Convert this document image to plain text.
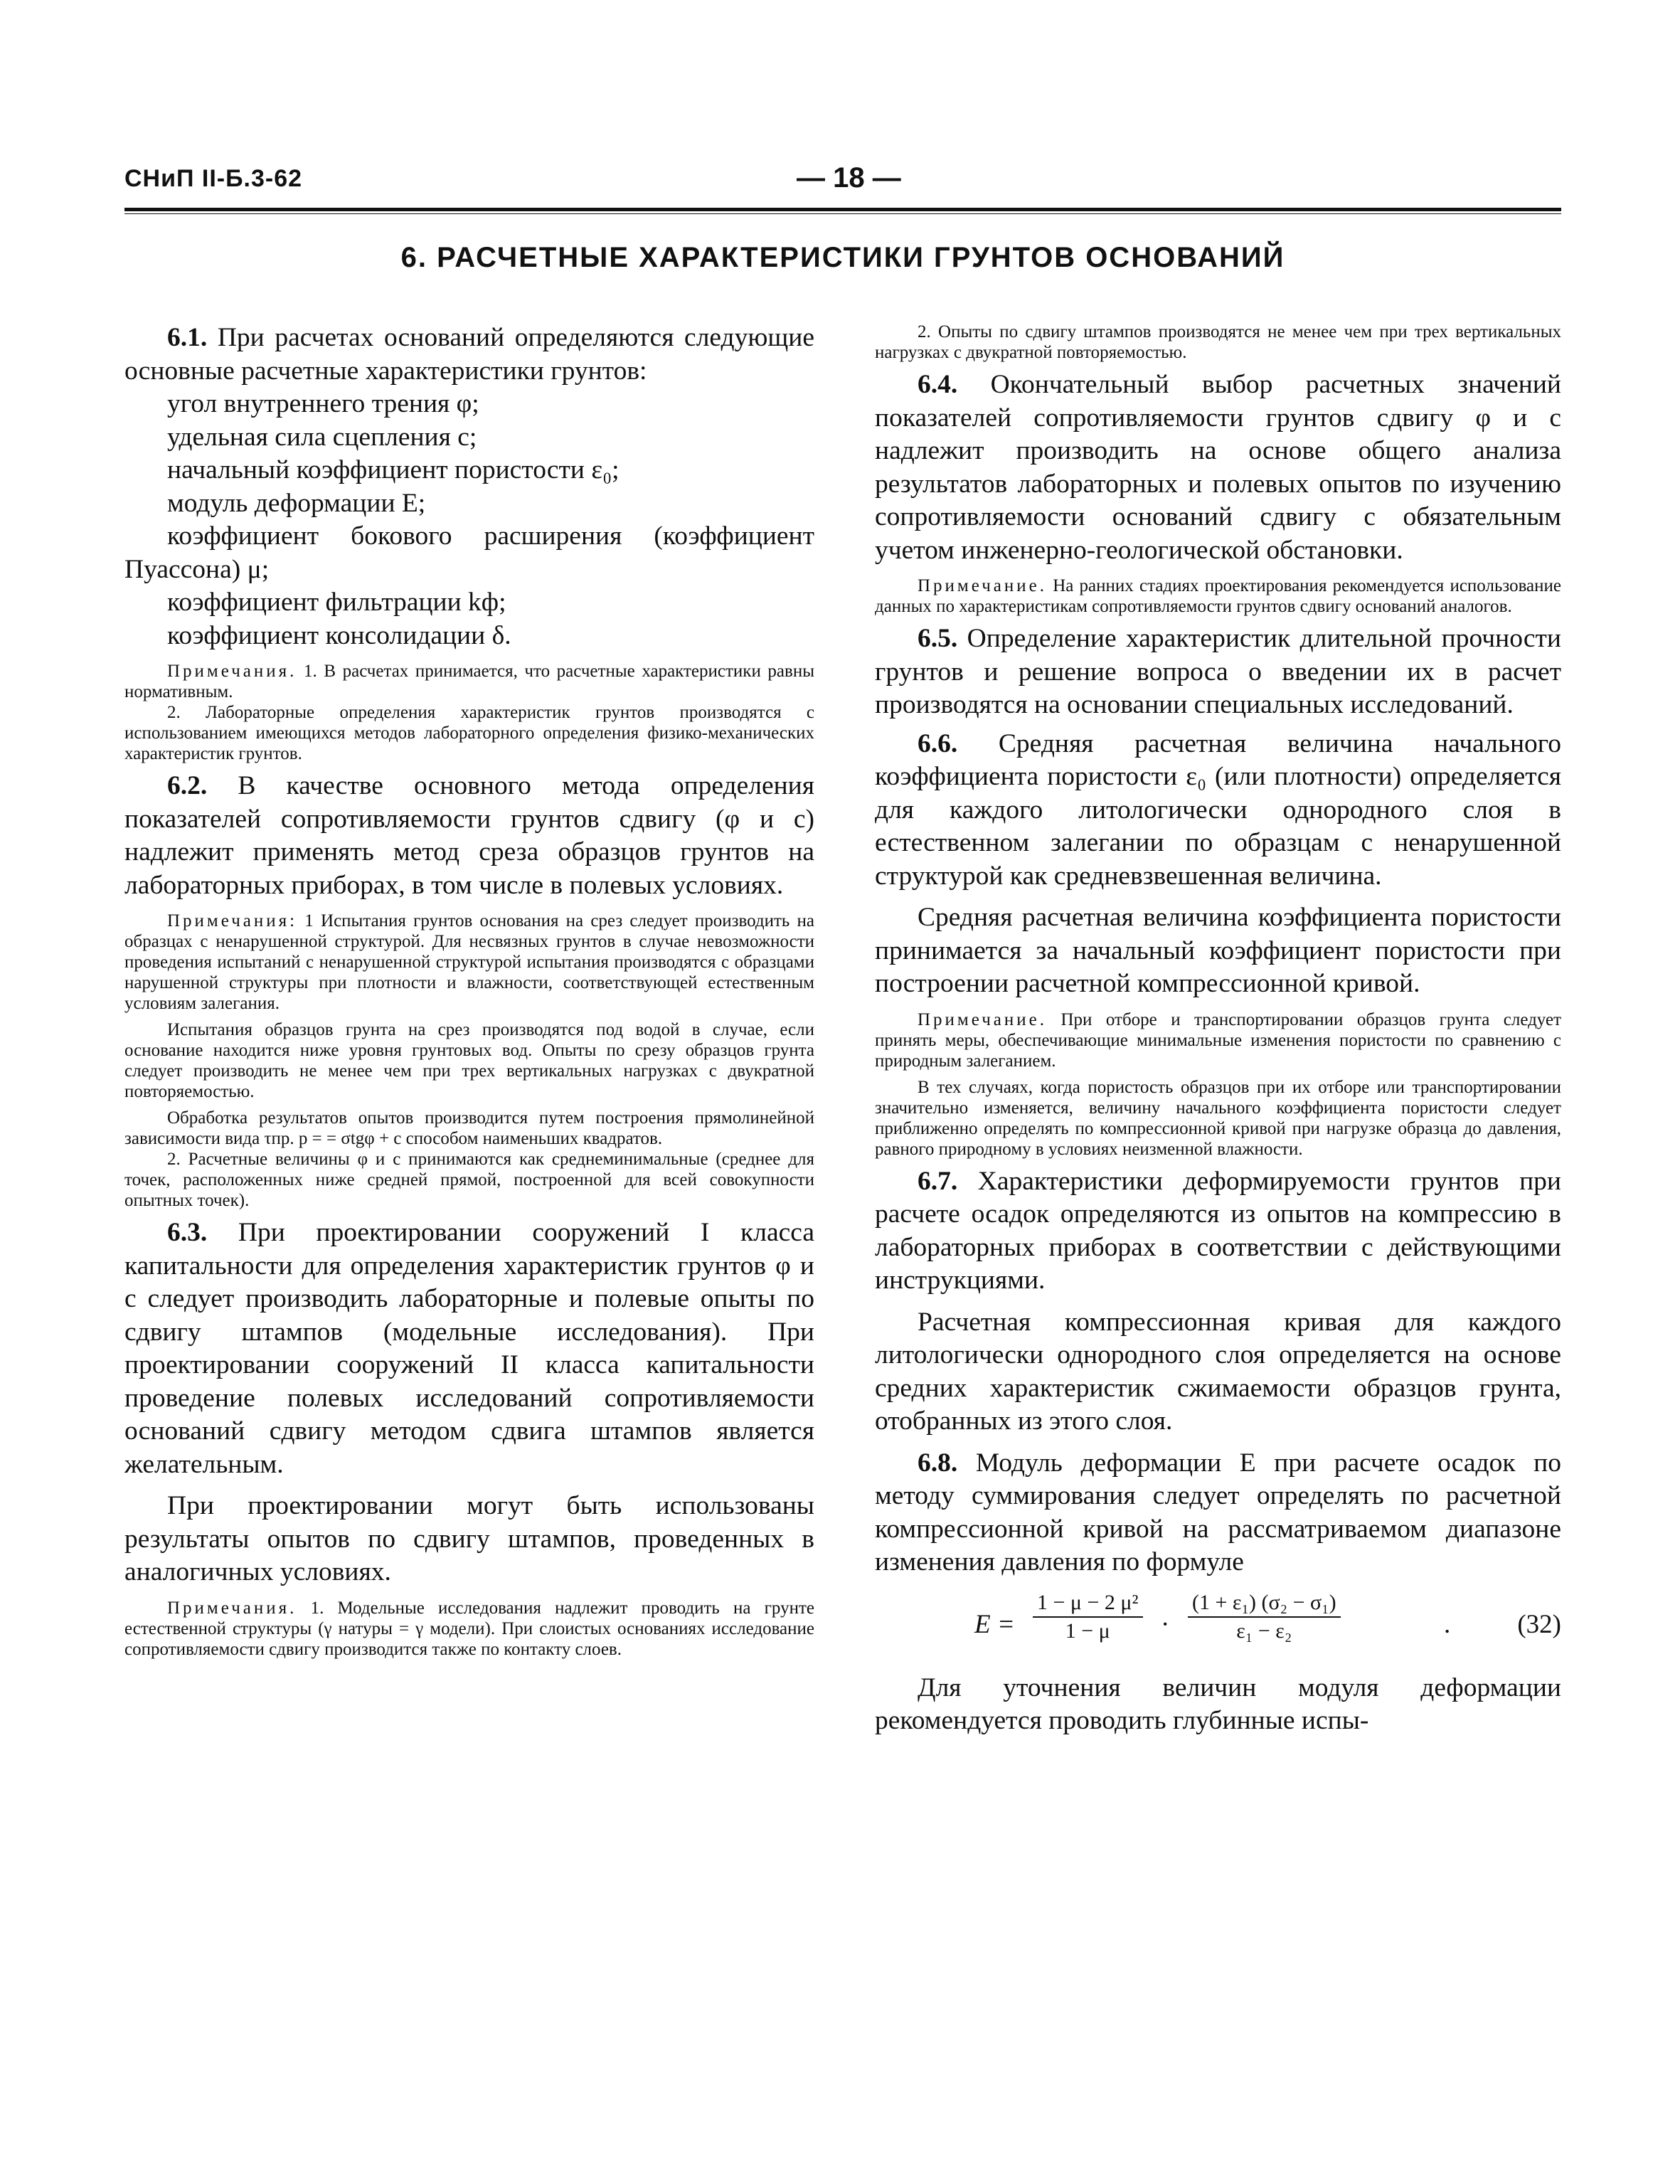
СНиП II-Б.3-62	— 18 —
6. РАСЧЕТНЫЕ ХАРАКТЕРИСТИКИ ГРУНТОВ ОСНОВАНИЙ

6.1. При расчетах оснований определяются следующие основные расчетные характеристики грунтов:

угол внутреннего трения φ;

удельная сила сцепления c;

начальный коэффициент пористости ε₀;

модуль деформации E;

коэффициент бокового расширения (коэффициент Пуассона) μ;

коэффициент фильтрации kф;

коэффициент консолидации δ.

Примечания. 1. В расчетах принимается, что расчетные характеристики равны нормативным.

2. Лабораторные определения характеристик грунтов производятся с использованием имеющихся методов лабораторного определения физико-механических характеристик грунтов.

6.2. В качестве основного метода определения показателей сопротивляемости грунтов сдвигу (φ и c) надлежит применять метод среза образцов грунтов на лабораторных приборах, в том числе в полевых условиях.

Примечания: 1 Испытания грунтов основания на срез следует производить на образцах с ненарушенной структурой. Для несвязных грунтов в случае невозможности проведения испытаний с ненарушенной структурой испытания производятся с образцами нарушенной структуры при плотности и влажности, соответствующей естественным условиям залегания.

Испытания образцов грунта на срез производятся под водой в случае, если основание находится ниже уровня грунтовых вод. Опыты по срезу образцов грунта следует производить не менее чем при трех вертикальных нагрузках с двукратной повторяемостью.

Обработка результатов опытов производится путем построения прямолинейной зависимости вида τпр. p = = σtgφ + c способом наименьших квадратов.

2. Расчетные величины φ и c принимаются как среднеминимальные (среднее для точек, расположенных ниже средней прямой, построенной для всей совокупности опытных точек).

6.3. При проектировании сооружений I класса капитальности для определения характеристик грунтов φ и c следует производить лабораторные и полевые опыты по сдвигу штампов (модельные исследования). При проектировании сооружений II класса капитальности проведение полевых исследований сопротивляемости оснований сдвигу методом сдвига штампов является желательным.

При проектировании могут быть использованы результаты опытов по сдвигу штампов, проведенных в аналогичных условиях.

Примечания. 1. Модельные исследования надлежит проводить на грунте естественной структуры (γ натуры = γ модели). При слоистых основаниях исследование сопротивляемости сдвигу производится также по контакту слоев.

2. Опыты по сдвигу штампов производятся не менее чем при трех вертикальных нагрузках с двукратной повторяемостью.

6.4. Окончательный выбор расчетных значений показателей сопротивляемости грунтов сдвигу φ и c надлежит производить на основе общего анализа результатов лабораторных и полевых опытов по изучению сопротивляемости оснований сдвигу с обязательным учетом инженерно-геологической обстановки.

Примечание. На ранних стадиях проектирования рекомендуется использование данных по характеристикам сопротивляемости грунтов сдвигу оснований аналогов.

6.5. Определение характеристик длительной прочности грунтов и решение вопроса о введении их в расчет производятся на основании специальных исследований.

6.6. Средняя расчетная величина начального коэффициента пористости ε₀ (или плотности) определяется для каждого литологически однородного слоя в естественном залегании по образцам с ненарушенной структурой как средневзвешенная величина.

Средняя расчетная величина коэффициента пористости принимается за начальный коэффициент пористости при построении расчетной компрессионной кривой.

Примечание. При отборе и транспортировании образцов грунта следует принять меры, обеспечивающие минимальные изменения пористости по сравнению с природным залеганием.

В тех случаях, когда пористость образцов при их отборе или транспортировании значительно изменяется, величину начального коэффициента пористости следует приближенно определять по компрессионной кривой при нагрузке образца до давления, равного природному в условиях неизменной влажности.

6.7. Характеристики деформируемости грунтов при расчете осадок определяются из опытов на компрессию в лабораторных приборах в соответствии с действующими инструкциями.

Расчетная компрессионная кривая для каждого литологически однородного слоя определяется на основе средних характеристик сжимаемости образцов грунта, отобранных из этого слоя.

6.8. Модуль деформации E при расчете осадок по методу суммирования следует определять по расчетной компрессионной кривой на рассматриваемом диапазоне изменения давления по формуле

$E = \frac{\text{1 − μ − 2 μ²}}{1 - \mu} \cdot \frac{\text{(1 + ε₁) (σ₂ − σ₁)}}{\text{ε₁ − ε₂}}$	.	(32)

Для уточнения величин модуля деформации рекомендуется проводить глубинные испы-
